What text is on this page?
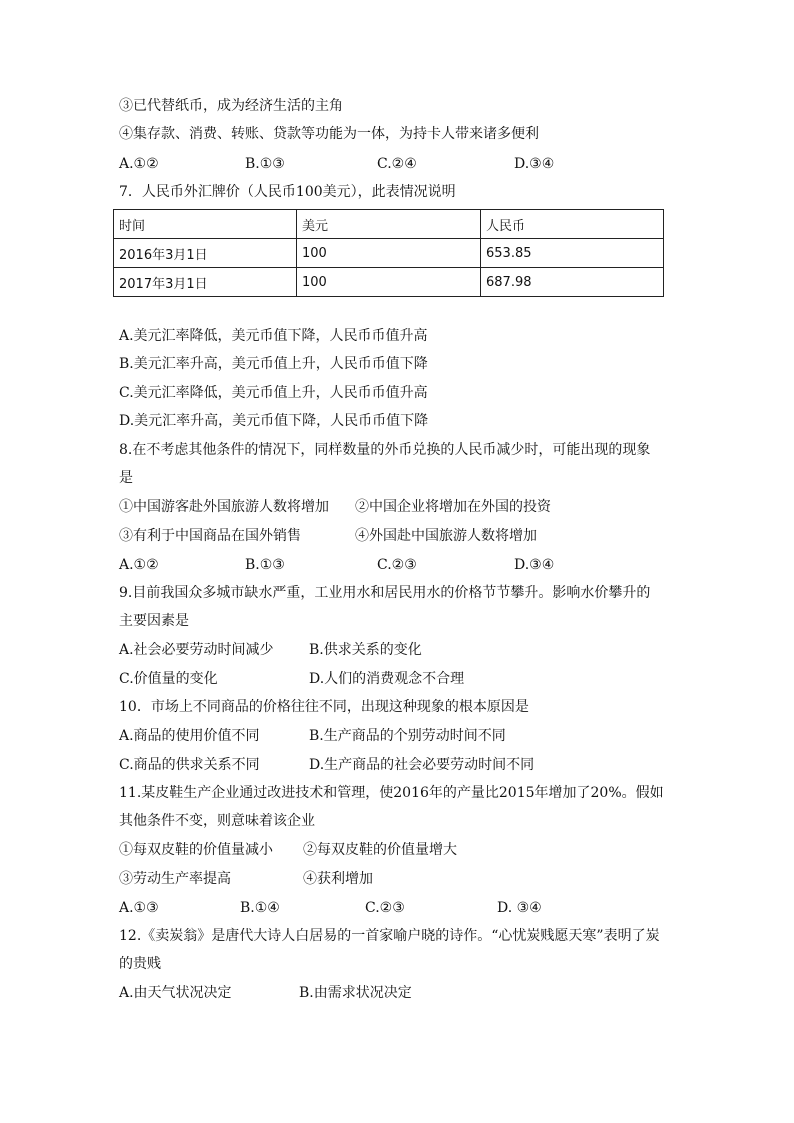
③已代替纸币，成为经济生活的主角
④集存款、消费、转账、贷款等功能为一体，为持卡人带来诸多便利
A.①②	B.①③	C.②④	D.③④
7．人民币外汇牌价（人民币100美元），此表情况说明
时间	美元	人民币
2016年3月1日	100	653.85
2017年3月1日	100	687.98
A.美元汇率降低，美元币值下降，人民币币值升高
B.美元汇率升高，美元币值上升，人民币币值下降
C.美元汇率降低，美元币值上升，人民币币值升高
D.美元汇率升高，美元币值下降，人民币币值下降
8.在不考虑其他条件的情况下，同样数量的外币兑换的人民币减少时，可能出现的现象
是
①中国游客赴外国旅游人数将增加 ②中国企业将增加在外国的投资
③有利于中国商品在国外销售	④外国赴中国旅游人数将增加
A.①②	B.①③	C.②③	D.③④
9.目前我国众多城市缺水严重，工业用水和居民用水的价格节节攀升。影响水价攀升的
主要因素是
A.社会必要劳动时间减少	B.供求关系的变化
C.价值量的变化	D.人们的消费观念不合理
10．市场上不同商品的价格往往不同，出现这种现象的根本原因是
A.商品的使用价值不同	B.生产商品的个别劳动时间不同
C.商品的供求关系不同	D.生产商品的社会必要劳动时间不同
11.某皮鞋生产企业通过改进技术和管理，使2016年的产量比2015年增加了20%。假如
其他条件不变，则意味着该企业
①每双皮鞋的价值量减小 ②每双皮鞋的价值量增大
③劳动生产率提高	④获利增加
A.①③	B.①④	C.②③	D. ③④
12.《卖炭翁》是唐代大诗人白居易的一首家喻户晓的诗作。“心忧炭贱愿天寒”表明了炭
的贵贱
A.由天气状况决定	B.由需求状况决定
